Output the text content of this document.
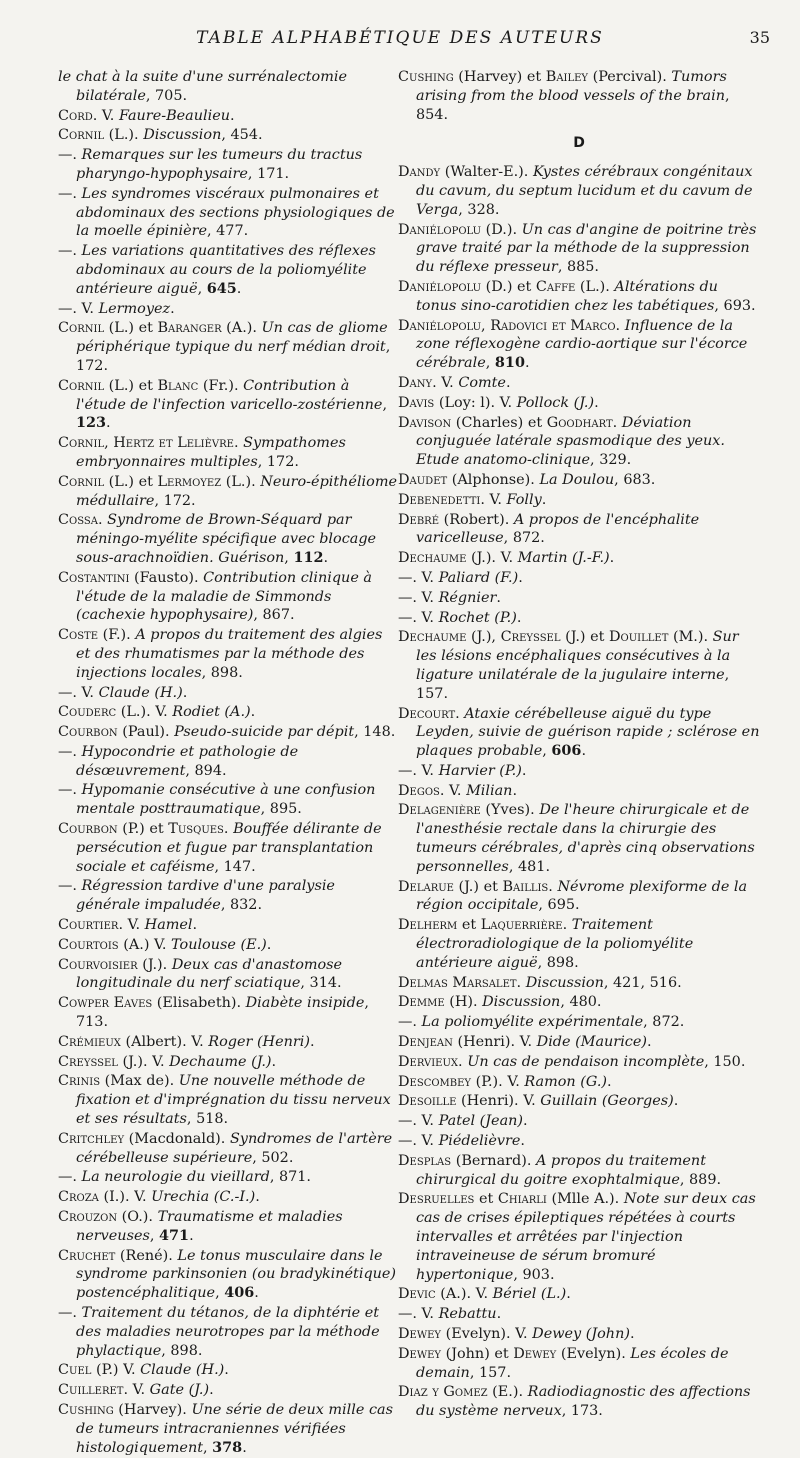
TABLE ALPHABÉTIQUE DES AUTEURS	35
le chat à la suite d'une surrénalectomie bilatérale, 705.
Cord. V. Faure-Beaulieu.
Cornil (L.). Discussion, 454.
—. Remarques sur les tumeurs du tractus pharyngo-hypophysaire, 171.
—. Les syndromes viscéraux pulmonaires et abdominaux des sections physiologiques de la moelle épinière, 477.
—. Les variations quantitatives des réflexes abdominaux au cours de la poliomyélite antérieure aiguë, 645.
—. V. Lermoyez.
Cornil (L.) et Baranger (A.). Un cas de gliome périphérique typique du nerf médian droit, 172.
Cornil (L.) et Blanc (Fr.). Contribution à l'étude de l'infection varicello-zostérienne, 123.
Cornil, Hertz et Lelièvre. Sympathomes embryonnaires multiples, 172.
Cornil (L.) et Lermoyez (L.). Neuro-épithéliome médullaire, 172.
Cossa. Syndrome de Brown-Séquard par méningo-myélite spécifique avec blocage sous-arachnoïdien. Guérison, 112.
Costantini (Fausto). Contribution clinique à l'étude de la maladie de Simmonds (cachexie hypophysaire), 867.
Coste (F.). A propos du traitement des algies et des rhumatismes par la méthode des injections locales, 898.
—. V. Claude (H.).
Couderc (L.). V. Rodiet (A.).
Courbon (Paul). Pseudo-suicide par dépit, 148.
—. Hypocondrie et pathologie de désœuvrement, 894.
—. Hypomanie consécutive à une confusion mentale posttraumatique, 895.
Courbon (P.) et Tusques. Bouffée délirante de persécution et fugue par transplantation sociale et caféisme, 147.
—. Régression tardive d'une paralysie générale impaludée, 832.
Courtier. V. Hamel.
Courtois (A.) V. Toulouse (E.).
Courvoisier (J.). Deux cas d'anastomose longitudinale du nerf sciatique, 314.
Cowper Eaves (Elisabeth). Diabète insipide, 713.
Crémieux (Albert). V. Roger (Henri).
Creyssel (J.). V. Dechaume (J.).
Crinis (Max de). Une nouvelle méthode de fixation et d'imprégnation du tissu nerveux et ses résultats, 518.
Critchley (Macdonald). Syndromes de l'artère cérébelleuse supérieure, 502.
—. La neurologie du vieillard, 871.
Croza (I.). V. Urechia (C.-I.).
Crouzon (O.). Traumatisme et maladies nerveuses, 471.
Cruchet (René). Le tonus musculaire dans le syndrome parkinsonien (ou bradykinétique) postencéphalitique, 406.
—. Traitement du tétanos, de la diphtérie et des maladies neurotropes par la méthode phylactique, 898.
Cuel (P.) V. Claude (H.).
Cuilleret. V. Gate (J.).
Cushing (Harvey). Une série de deux mille cas de tumeurs intracraniennes vérifiées histologiquement, 378.
Cushing (Harvey) et Bailey (Percival). Tumors arising from the blood vessels of the brain, 854.
D
Dandy (Walter-E.). Kystes cérébraux congénitaux du cavum, du septum lucidum et du cavum de Verga, 328.
Daniélopolu (D.). Un cas d'angine de poitrine très grave traité par la méthode de la suppression du réflexe presseur, 885.
Daniélopolu (D.) et Caffe (L.). Altérations du tonus sino-carotidien chez les tabétiques, 693.
Daniélopolu, Radovici et Marco. Influence de la zone réflexogène cardio-aortique sur l'écorce cérébrale, 810.
Dany. V. Comte.
Davis (Loy: l). V. Pollock (J.).
Davison (Charles) et Goodhart. Déviation conjuguée latérale spasmodique des yeux. Etude anatomo-clinique, 329.
Daudet (Alphonse). La Doulou, 683.
Debenedetti. V. Folly.
Debré (Robert). A propos de l'encéphalite varicelleuse, 872.
Dechaume (J.). V. Martin (J.-F.).
—. V. Paliard (F.).
—. V. Régnier.
—. V. Rochet (P.).
Dechaume (J.), Creyssel (J.) et Douillet (M.). Sur les lésions encéphaliques consécutives à la ligature unilatérale de la jugulaire interne, 157.
Decourt. Ataxie cérébelleuse aiguë du type Leyden, suivie de guérison rapide ; sclérose en plaques probable, 606.
—. V. Harvier (P.).
Degos. V. Milian.
Delagenière (Yves). De l'heure chirurgicale et de l'anesthésie rectale dans la chirurgie des tumeurs cérébrales, d'après cinq observations personnelles, 481.
Delarue (J.) et Baillis. Névrome plexiforme de la région occipitale, 695.
Delherm et Laquerrière. Traitement électroradiologique de la poliomyélite antérieure aiguë, 898.
Delmas Marsalet. Discussion, 421, 516.
Demme (H). Discussion, 480.
—. La poliomyélite expérimentale, 872.
Denjean (Henri). V. Dide (Maurice).
Dervieux. Un cas de pendaison incomplète, 150.
Descombey (P.). V. Ramon (G.).
Desoille (Henri). V. Guillain (Georges).
—. V. Patel (Jean).
—. V. Piédelièvre.
Desplas (Bernard). A propos du traitement chirurgical du goitre exophtalmique, 889.
Desruelles et Chiarli (Mlle A.). Note sur deux cas cas de crises épileptiques répétées à courts intervalles et arrêtées par l'injection intraveineuse de sérum bromuré hypertonique, 903.
Devic (A.). V. Bériel (L.).
—. V. Rebattu.
Dewey (Evelyn). V. Dewey (John).
Dewey (John) et Dewey (Evelyn). Les écoles de demain, 157.
Diaz y Gomez (E.). Radiodiagnostic des affections du système nerveux, 173.
